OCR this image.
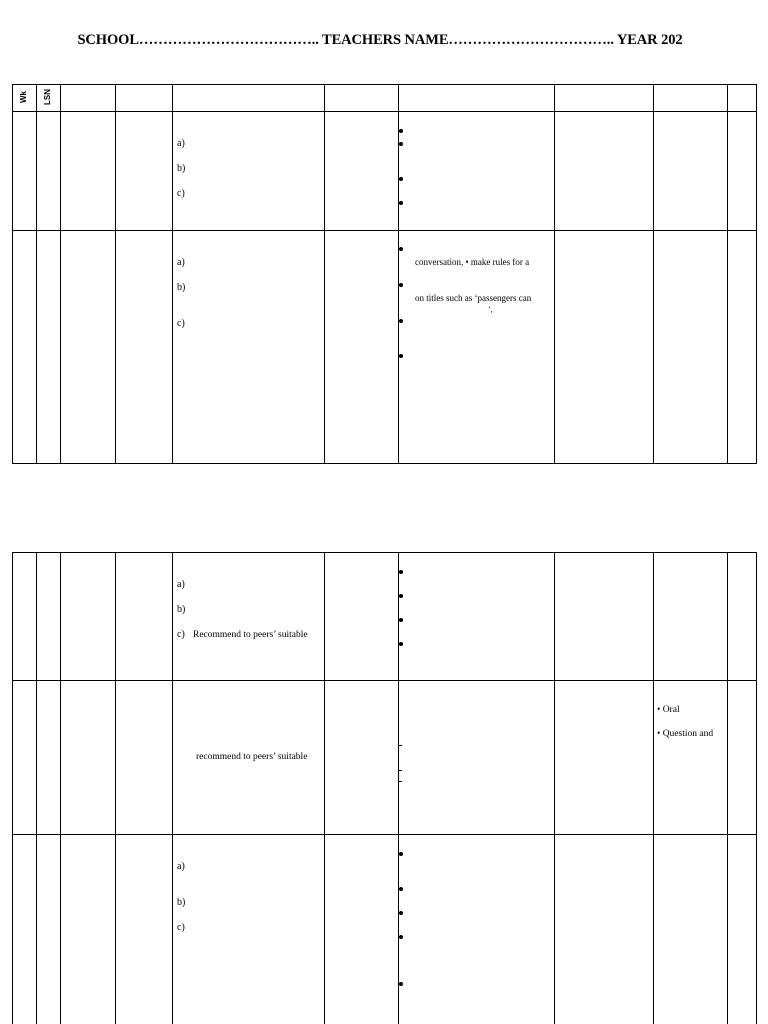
SCHOOL……………………………….. TEACHERS NAME…………………………….. YEAR 202
Wk LSN
a)
b)
c)
a)
b)
c)
conversation, • make rules for a
on titles such as ‘passengers can
’,
a)
b)
c) Recommend to peers’ suitable
recommend to peers’ suitable
• Oral
• Question and
a)
b)
c)
